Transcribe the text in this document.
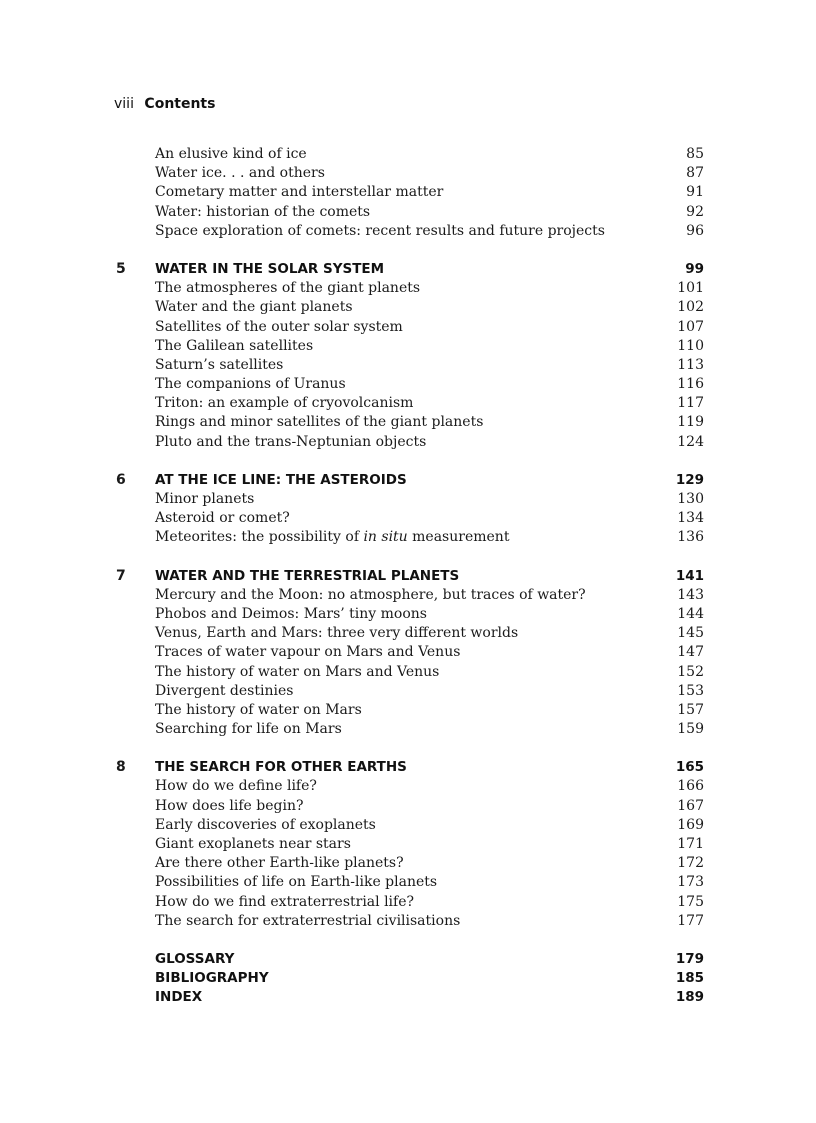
viii Contents
An elusive kind of ice	85
Water ice. . . and others	87
Cometary matter and interstellar matter	91
Water: historian of the comets	92
Space exploration of comets: recent results and future projects	96
5	WATER IN THE SOLAR SYSTEM	99
The atmospheres of the giant planets	101
Water and the giant planets	102
Satellites of the outer solar system	107
The Galilean satellites	110
Saturn’s satellites	113
The companions of Uranus	116
Triton: an example of cryovolcanism	117
Rings and minor satellites of the giant planets	119
Pluto and the trans-Neptunian objects	124
6	AT THE ICE LINE: THE ASTEROIDS	129
Minor planets	130
Asteroid or comet?	134
Meteorites: the possibility of in situ measurement	136
7	WATER AND THE TERRESTRIAL PLANETS	141
Mercury and the Moon: no atmosphere, but traces of water?	143
Phobos and Deimos: Mars’ tiny moons	144
Venus, Earth and Mars: three very different worlds	145
Traces of water vapour on Mars and Venus	147
The history of water on Mars and Venus	152
Divergent destinies	153
The history of water on Mars	157
Searching for life on Mars	159
8	THE SEARCH FOR OTHER EARTHS	165
How do we define life?	166
How does life begin?	167
Early discoveries of exoplanets	169
Giant exoplanets near stars	171
Are there other Earth-like planets?	172
Possibilities of life on Earth-like planets	173
How do we find extraterrestrial life?	175
The search for extraterrestrial civilisations	177
GLOSSARY	179
BIBLIOGRAPHY	185
INDEX	189
